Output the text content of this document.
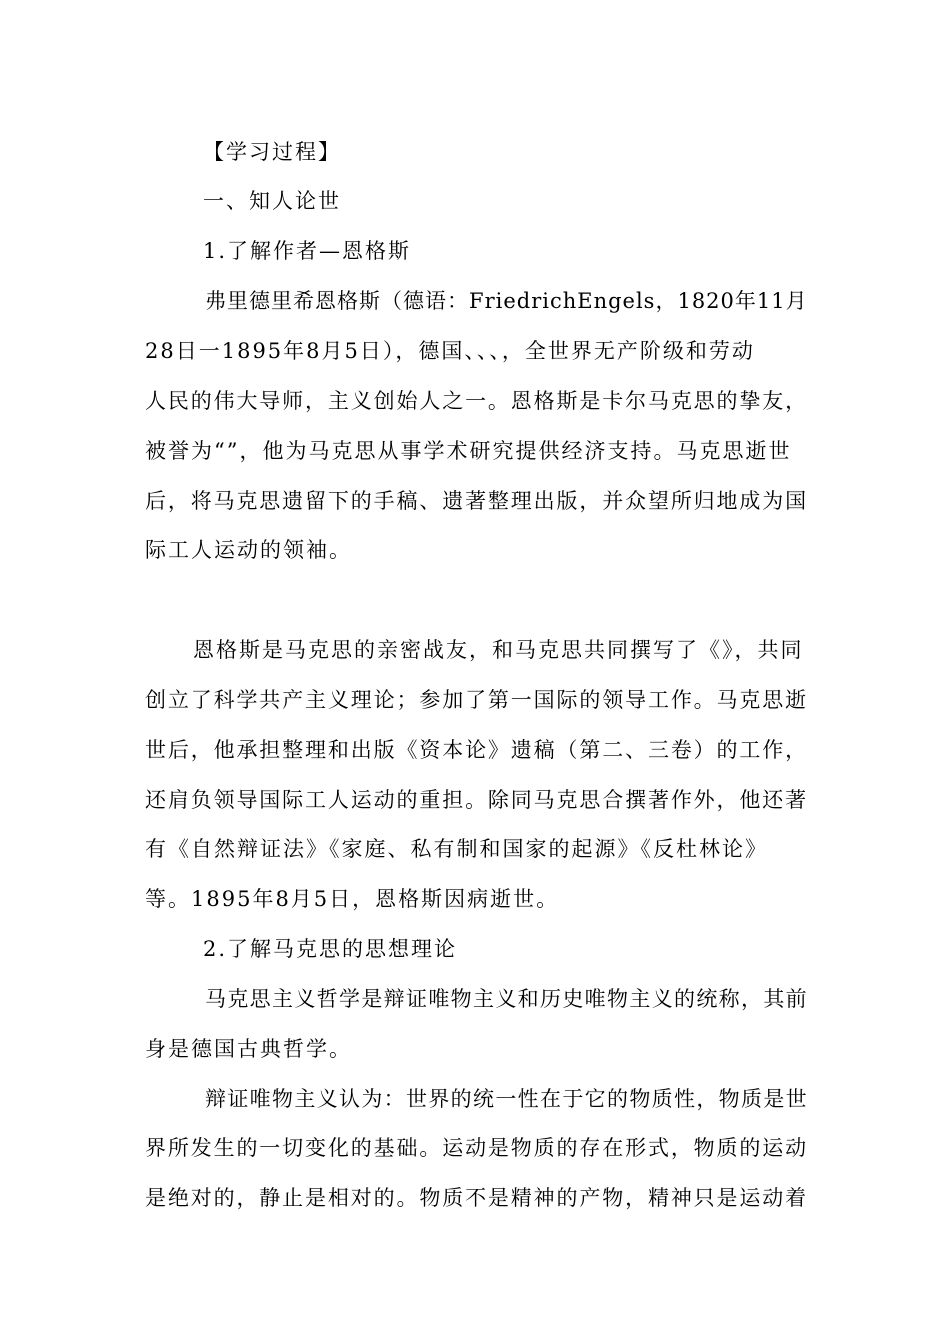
【学习过程】
一、知人论世
1.了解作者—恩格斯
弗里德里希恩格斯（德语：FriedrichEngels，1820年11月
28日一1895年8月5日），德国、、、，全世界无产阶级和劳动
人民的伟大导师，主义创始人之一。恩格斯是卡尔马克思的挚友，
被誉为“”，他为马克思从事学术研究提供经济支持。马克思逝世
后，将马克思遗留下的手稿、遗著整理出版，并众望所归地成为国
际工人运动的领袖。
恩格斯是马克思的亲密战友，和马克思共同撰写了《》，共同
创立了科学共产主义理论；参加了第一国际的领导工作。马克思逝
世后，他承担整理和出版《资本论》遗稿（第二、三卷）的工作，
还肩负领导国际工人运动的重担。除同马克思合撰著作外，他还著
有《自然辩证法》《家庭、私有制和国家的起源》《反杜林论》
等。1895年8月5日，恩格斯因病逝世。
2.了解马克思的思想理论
马克思主义哲学是辩证唯物主义和历史唯物主义的统称，其前
身是德国古典哲学。
辩证唯物主义认为：世界的统一性在于它的物质性，物质是世
界所发生的一切变化的基础。运动是物质的存在形式，物质的运动
是绝对的，静止是相对的。物质不是精神的产物，精神只是运动着
